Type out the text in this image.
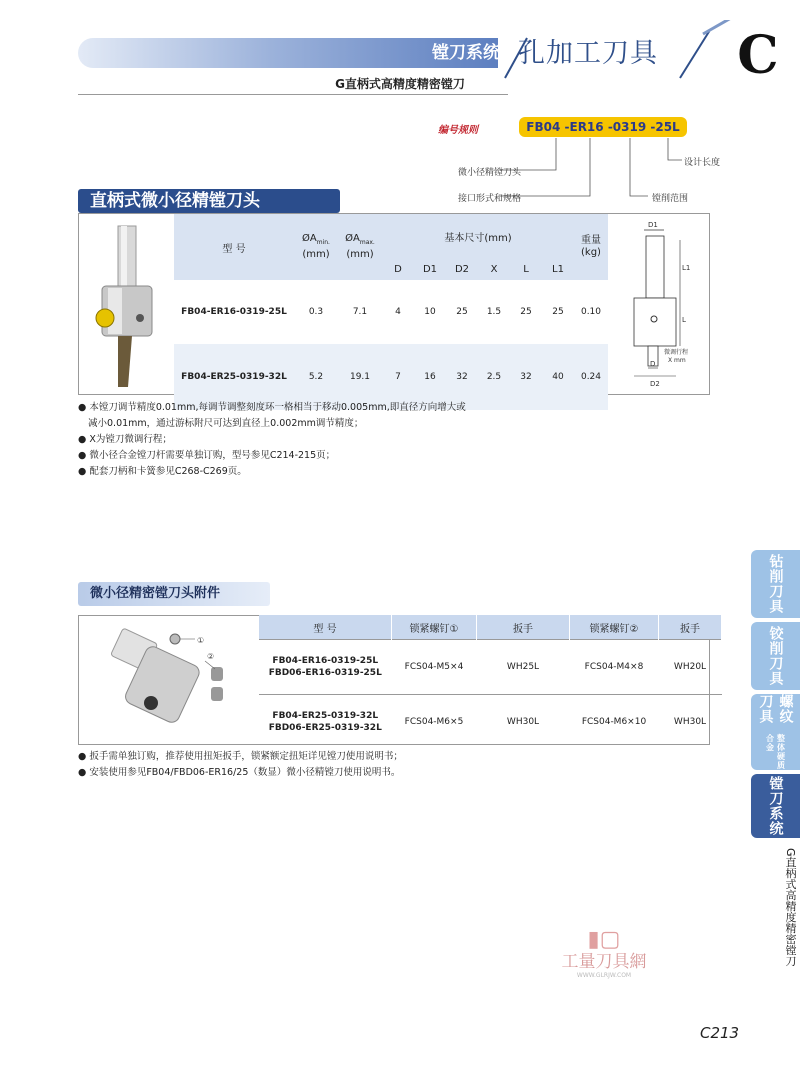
镗刀系统 孔加工刀具	C
G直柄式高精度精密镗刀
编号规则	FB04 -ER16 -0319 -25L
微小径精镗刀头
接口形式和规格
设计长度
镗削范围
直柄式微小径精镗刀头
型 号	$ØA_{min.}$
(mm)	$ØA_{max.}$
(mm)	基本尺寸(mm)						重量
(kg)
			D	D1	D2	X	L	L1	
FB04-ER16-0319-25L	0.3	7.1	4	10	25	1.5	25	25	0.10
FB04-ER25-0319-32L	5.2	19.1	7	16	32	2.5	32	40	0.24
D1
L1
L
D
D2
微调行程
X mm
● 本镗刀调节精度0.01mm,每调节调整刻度环一格相当于移动0.005mm,即直径方向增大或
减小0.01mm，通过游标附尺可达到直径上0.002mm调节精度；
● X为镗刀微调行程；
● 微小径合金镗刀杆需要单独订购，型号参见C214-215页；
● 配套刀柄和卡簧参见C268-C269页。
微小径精密镗刀头附件
①
②
型 号	锁紧螺钉①	扳手	锁紧螺钉②	扳手
FB04-ER16-0319-25L
FBD06-ER16-0319-25L	FCS04-M5×4	WH25L	FCS04-M4×8	WH20L
FB04-ER25-0319-32L
FBD06-ER25-0319-32L	FCS04-M6×5	WH30L	FCS04-M6×10	WH30L
● 扳手需单独订购，推荐使用扭矩扳手，锁紧额定扭矩详见镗刀使用说明书；
● 安装使用参见FB04/FBD06-ER16/25（数显）微小径精镗刀使用说明书。
钻削刀具
铰削刀具
螺纹刀具
整体硬质合金
镗刀系统
G直柄式高精度精密镗刀
▮▢
工量刀具網
WWW.GLRJW.COM
C213
